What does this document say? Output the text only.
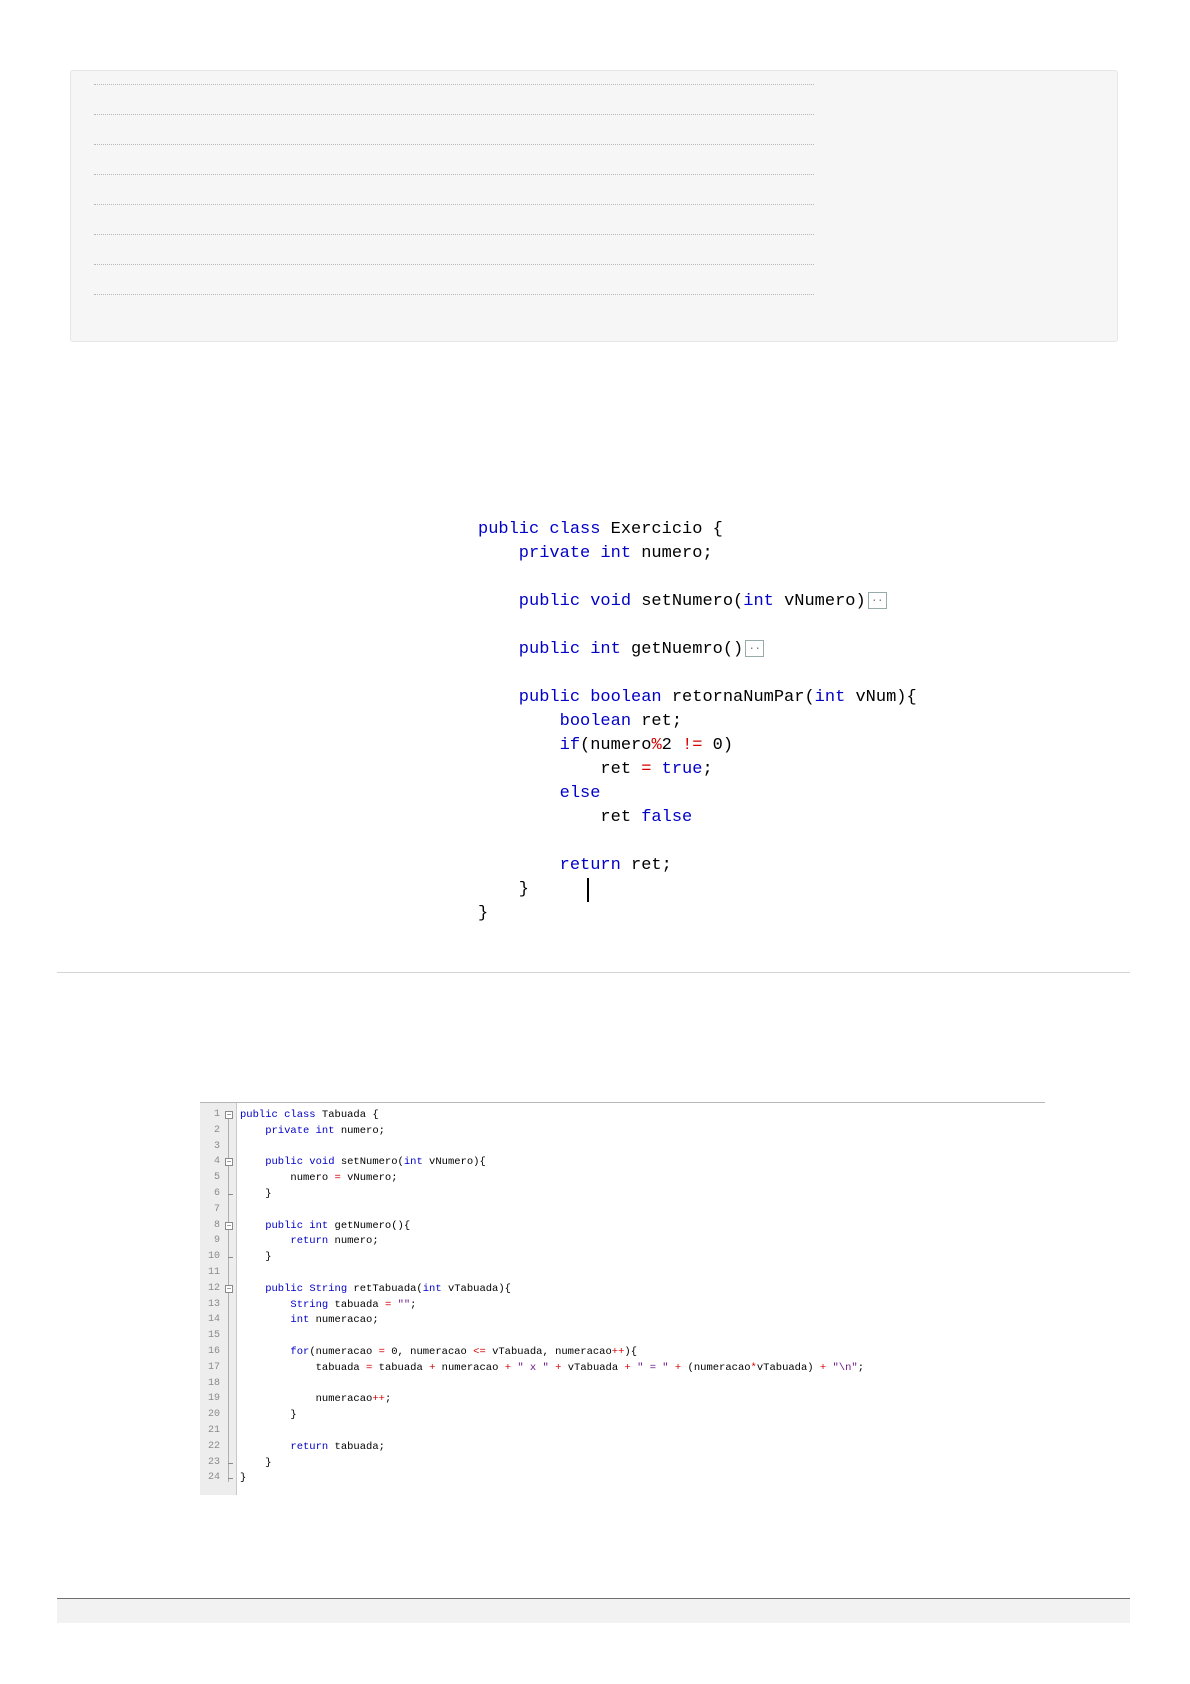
public class Exercicio {
private int numero;

public void setNumero(int vNumero) ..

public int getNuemro() ..

public boolean retornaNumPar(int vNum){
boolean ret;
if(numero%2 != 0)
ret = true;
else
ret false

return ret;
}
}
1
2
3
4
5
6
7
8
9
10
11
12
13
14
15
16
17
18
19
20
21
22
23
24
−
−
−
−
public class Tabuada {
private int numero;

public void setNumero(int vNumero){
numero = vNumero;
}

public int getNumero(){
return numero;
}

public String retTabuada(int vTabuada){
String tabuada = "";
int numeracao;

for(numeracao = 0, numeracao <= vTabuada, numeracao++){
tabuada = tabuada + numeracao + " x " + vTabuada + " = " + (numeracao*vTabuada) + "\n";

numeracao++;
}

return tabuada;
}
}
